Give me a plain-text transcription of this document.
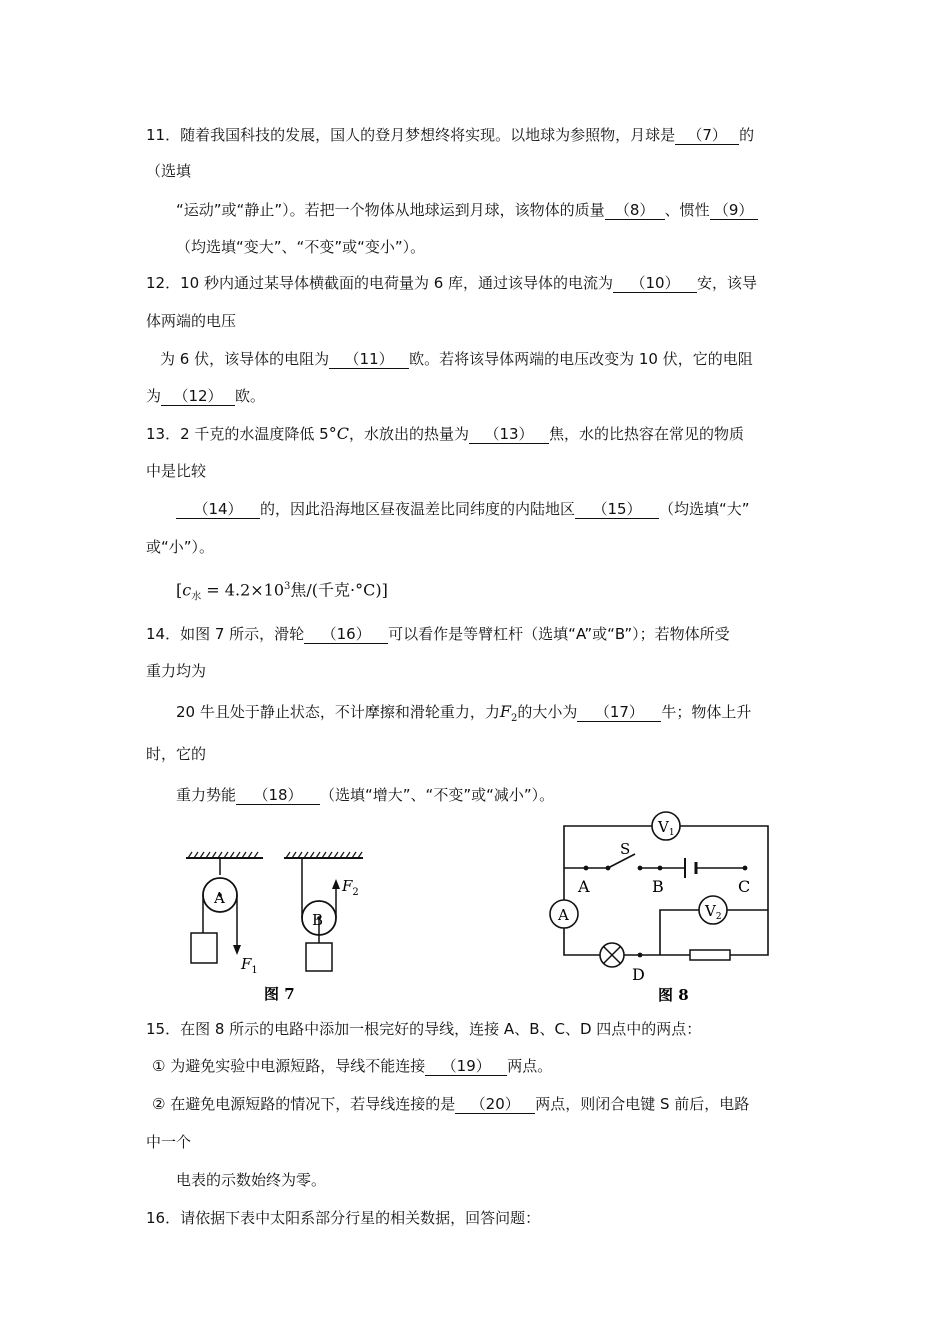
11．随着我国科技的发展，国人的登月梦想终将实现。以地球为参照物，月球是 （7） 的
（选填
“运动”或“静止”）。若把一个物体从地球运到月球，该物体的质量 （8） 、惯性 （9）
（均选填“变大”、“不变”或“变小”）。
12．10 秒内通过某导体横截面的电荷量为 6 库，通过该导体的电流为 （10） 安，该导
体两端的电压
为 6 伏，该导体的电阻为 （11） 欧。若将该导体两端的电压改变为 10 伏，它的电阻
为 （12） 欧。
13．2 千克的水温度降低 5°C，水放出的热量为 （13） 焦，水的比热容在常见的物质
中是比较
（14） 的，因此沿海地区昼夜温差比同纬度的内陆地区 （15） （均选填“大”
或“小”）。
[$c_水 = 4.2\times 10^3$焦/(千克·°C)]
14．如图 7 所示，滑轮 （16） 可以看作是等臂杠杆（选填“A”或“B”）；若物体所受
重力均为
20 牛且处于静止状态，不计摩擦和滑轮重力，力$F_2$的大小为 （17） 牛；物体上升
时，它的
重力势能 （18） （选填“增大”、“不变”或“减小”）。
A
$F_1$
B
$F_2$
图 7
$V_1$
$V_2$
A
S
A	B	C
D
图 8
15．在图 8 所示的电路中添加一根完好的导线，连接 A、B、C、D 四点中的两点：
① 为避免实验中电源短路，导线不能连接 （19） 两点。
② 在避免电源短路的情况下，若导线连接的是 （20） 两点，则闭合电键 S 前后，电路
中一个
电表的示数始终为零。
16．请依据下表中太阳系部分行星的相关数据，回答问题：
